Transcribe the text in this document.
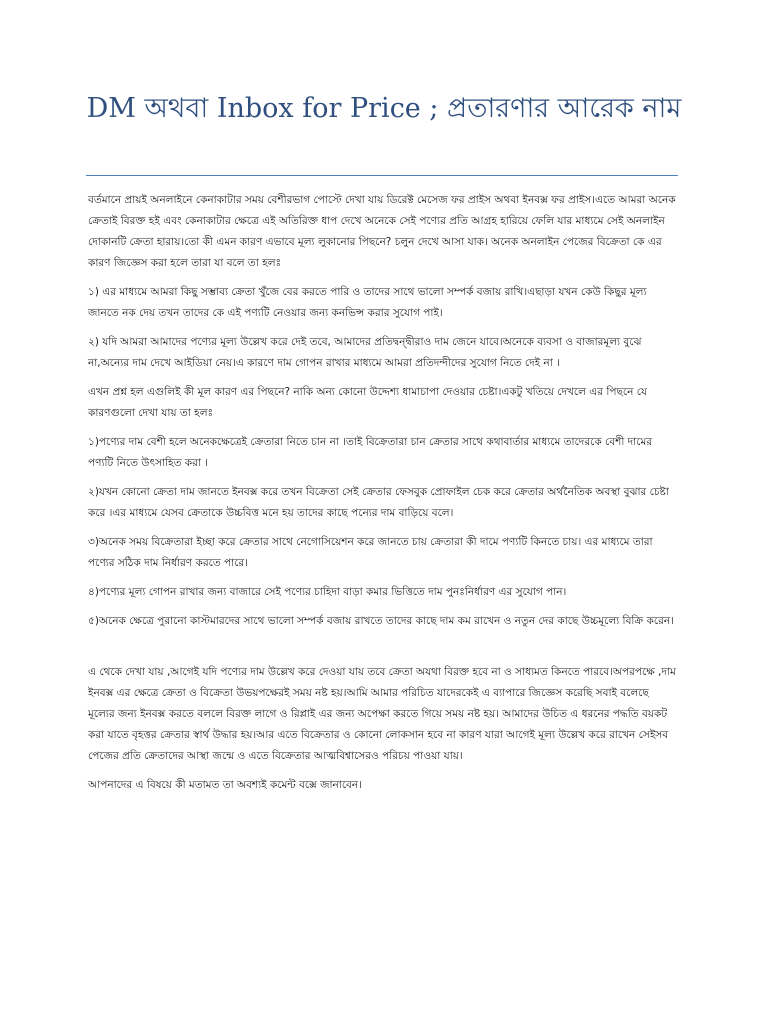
DM অথবা Inbox for Price ; প্রতারণার আরেক নাম

বর্তমানে প্রায়ই অনলাইনে কেনাকাটার সময় বেশীরভাগ পোস্টে দেখা যায় ডিরেক্ট মেসেজ ফর প্রাইস অথবা ইনবক্স ফর প্রাইস।এতে আমরা অনেক ক্রেতাই বিরক্ত হই এবং কেনাকাটার ক্ষেত্রে এই অতিরিক্ত ধাপ দেখে অনেকে সেই পণ্যের প্রতি আগ্রহ হারিয়ে ফেলি যার মাধ্যমে সেই অনলাইন দোকানটি ক্রেতা হারায়।তো কী এমন কারণ এভাবে মূল্য লুকানোর পিছনে? চলুন দেখে আসা যাক। অনেক অনলাইন পেজের বিক্রেতা কে এর কারণ জিজ্ঞেস করা হলে তারা যা বলে তা হলঃ

১) এর মাধ্যমে আমরা কিছু সম্ভাব্য ক্রেতা খুঁজে বের করতে পারি ও তাদের সাথে ভালো সম্পর্ক বজায় রাখি।এছাড়া যখন কেউ কিছুর মূল্য জানতে নক দেয় তখন তাদের কে এই পণ্যটি নেওয়ার জন্য কনভিন্স করার সুযোগ পাই।

২) যদি আমরা আমাদের পণ্যের মূল্য উল্লেখ করে দেই তবে, আমাদের প্রতিদ্বন্দ্বীরাও দাম জেনে যাবে।অনেকে ব্যবসা ও বাজারমূল্য বুঝে না,অন্যের দাম দেখে আইডিয়া নেয়।এ কারণে দাম গোপন রাখার মাধ্যমে আমরা প্রতিদন্দীদের সুযোগ নিতে দেই না ।

এখন প্রশ্ন হল এগুলিই কী মূল কারণ এর পিছনে? নাকি অন্য কোনো উদ্দেশ্য ধামাচাপা দেওয়ার চেষ্টা।একটু খতিয়ে দেখলে এর পিছনে যে কারণগুলো দেখা যায় তা হলঃ

১)পণ্যের দাম বেশী হলে অনেকক্ষেত্রেই ক্রেতারা নিতে চান না ।তাই বিক্রেতারা চান ক্রেতার সাথে কথাবার্তার মাধ্যমে তাদেরকে বেশী দামের পণ্যটি নিতে উৎসাহিত করা ।

২)যখন কোনো ক্রেতা দাম জানতে ইনবক্স করে তখন বিক্রেতা সেই ক্রেতার ফেসবুক প্রোফাইল চেক করে ক্রেতার অর্থনৈতিক অবস্থা বুঝার চেষ্টা করে ।এর মাধ্যমে যেসব ক্রেতাকে উচ্চবিত্ত মনে হয় তাদের কাছে পন্যের দাম বাড়িয়ে বলে।

৩)অনেক সময় বিক্রেতারা ইচ্ছা করে ক্রেতার সাথে নেগোসিয়েশন করে জানতে চায় ক্রেতারা কী দামে পণ্যটি কিনতে চায়। এর মাধ্যমে তারা পণ্যের সঠিক দাম নির্ধারণ করতে পারে।

৪)পণ্যের মূল্য গোপন রাখার জন্য বাজারে সেই পণ্যের চাহিদা বাড়া কমার ভিত্তিতে দাম পুনঃনির্ধারণ এর সুযোগ পান।

৫)অনেক ক্ষেত্রে পুরানো কাস্টমারদের সাথে ভালো সম্পর্ক বজায় রাখতে তাদের কাছে দাম কম রাখেন ও নতুন দের কাছে উচ্চমূল্যে বিক্রি করেন।

এ থেকে দেখা যায় ,আগেই যদি পণ্যের দাম উল্লেখ করে দেওয়া যায় তবে ক্রেতা অযথা বিরক্ত হবে না ও সাধ্যমত কিনতে পারবে।অপরপক্ষে ,দাম ইনবক্স এর ক্ষেত্রে ক্রেতা ও বিক্রেতা উভয়পক্ষেরই সময় নষ্ট হয়।আমি আমার পরিচিত যাদেরকেই এ ব্যাপারে জিজ্ঞেস করেছি সবাই বলেছে মূল্যের জন্য ইনবক্স করতে বললে বিরক্ত লাগে ও রিপ্লাই এর জন্য অপেক্ষা করতে গিয়ে সময় নষ্ট হয়। আমাদের উচিত এ ধরনের পদ্ধতি বয়কট করা যাতে বৃহত্তর ক্রেতার স্বার্থ উদ্ধার হয়।আর এতে বিক্রেতার ও কোনো লোকসান হবে না কারণ যারা আগেই মূল্য উল্লেখ করে রাখেন সেইসব পেজের প্রতি ক্রেতাদের আস্থা জন্মে ও এতে বিক্রেতার আত্মবিশ্বাসেরও পরিচয় পাওয়া যায়।

আপনাদের এ বিষয়ে কী মতামত তা অবশ্যই কমেন্ট বক্সে জানাবেন।
